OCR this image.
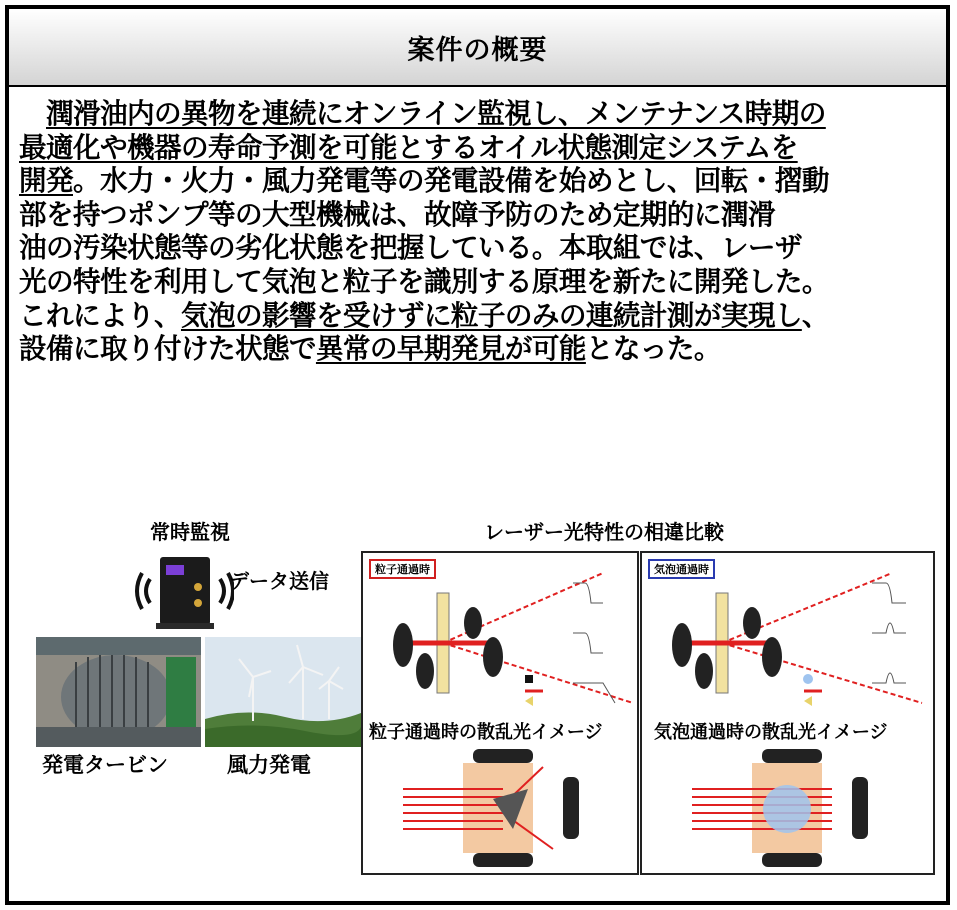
案件の概要
　潤滑油内の異物を連続にオンライン監視し、メンテナンス時期の
最適化や機器の寿命予測を可能とするオイル状態測定システムを
開発。水力・火力・風力発電等の発電設備を始めとし、回転・摺動
部を持つポンプ等の大型機械は、故障予防のため定期的に潤滑
油の汚染状態等の劣化状態を把握している。本取組では、レーザ
光の特性を利用して気泡と粒子を識別する原理を新たに開発した。
これにより、気泡の影響を受けずに粒子のみの連続計測が実現し、
設備に取り付けた状態で異常の早期発見が可能となった。
常時監視
データ送信
発電タービン	風力発電
レーザー光特性の相違比較
粒子通過時
粒子通過時の散乱光イメージ
気泡通過時
気泡通過時の散乱光イメージ
